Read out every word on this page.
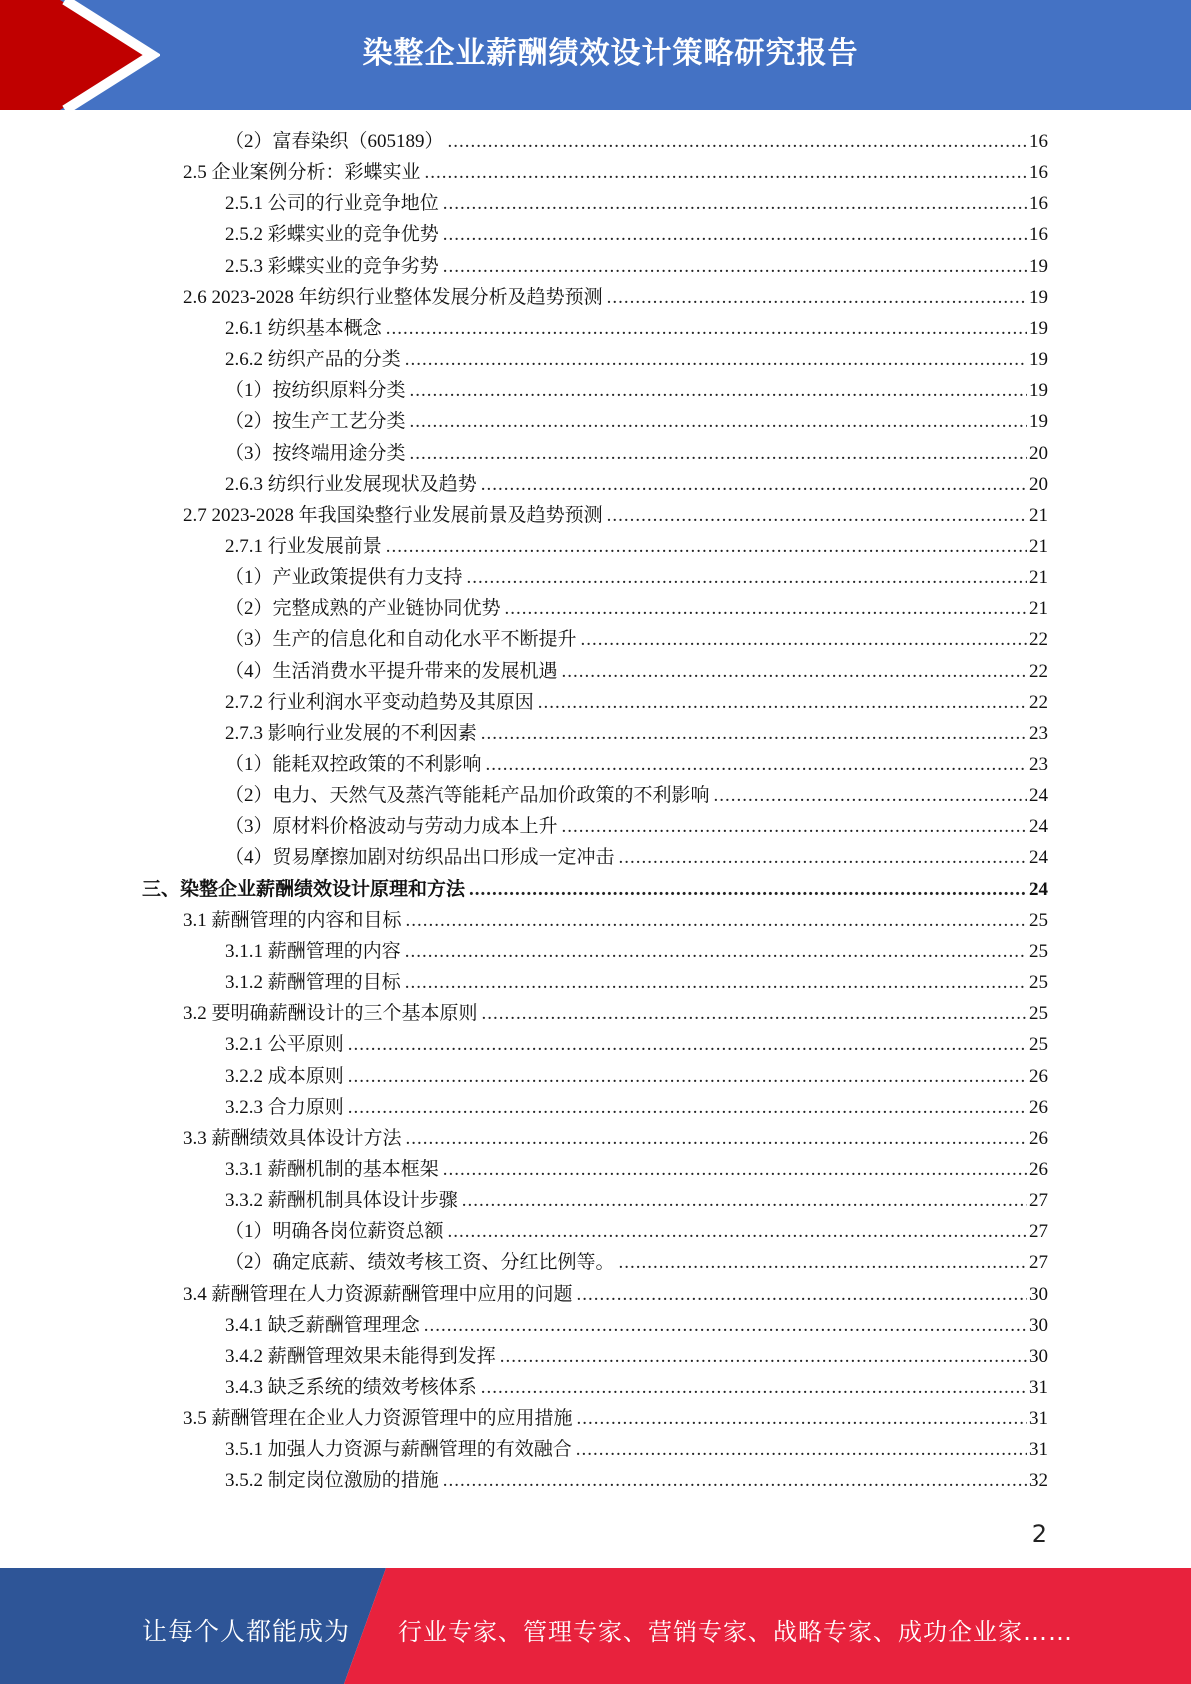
染整企业薪酬绩效设计策略研究报告
（2）富春染织（605189） .....	16
2.5 企业案例分析：彩蝶实业 .....	16
2.5.1 公司的行业竞争地位 .....	16
2.5.2 彩蝶实业的竞争优势 .....	16
2.5.3 彩蝶实业的竞争劣势 .....	19
2.6 2023-2028 年纺织行业整体发展分析及趋势预测 .....	19
2.6.1 纺织基本概念 .....	19
2.6.2 纺织产品的分类 .....	19
（1）按纺织原料分类 .....	19
（2）按生产工艺分类 .....	19
（3）按终端用途分类 .....	20
2.6.3 纺织行业发展现状及趋势 .....	20
2.7 2023-2028 年我国染整行业发展前景及趋势预测 .....	21
2.7.1 行业发展前景 .....	21
（1）产业政策提供有力支持 .....	21
（2）完整成熟的产业链协同优势 .....	21
（3）生产的信息化和自动化水平不断提升 .....	22
（4）生活消费水平提升带来的发展机遇 .....	22
2.7.2 行业利润水平变动趋势及其原因 .....	22
2.7.3 影响行业发展的不利因素 .....	23
（1）能耗双控政策的不利影响 .....	23
（2）电力、天然气及蒸汽等能耗产品加价政策的不利影响 .....	24
（3）原材料价格波动与劳动力成本上升 .....	24
（4）贸易摩擦加剧对纺织品出口形成一定冲击 .....	24
三、染整企业薪酬绩效设计原理和方法 .....	24
3.1 薪酬管理的内容和目标 .....	25
3.1.1 薪酬管理的内容 .....	25
3.1.2 薪酬管理的目标 .....	25
3.2 要明确薪酬设计的三个基本原则 .....	25
3.2.1 公平原则 .....	25
3.2.2 成本原则 .....	26
3.2.3 合力原则 .....	26
3.3 薪酬绩效具体设计方法 .....	26
3.3.1 薪酬机制的基本框架 .....	26
3.3.2 薪酬机制具体设计步骤 .....	27
（1）明确各岗位薪资总额 .....	27
（2）确定底薪、绩效考核工资、分红比例等。 .....	27
3.4 薪酬管理在人力资源薪酬管理中应用的问题 .....	30
3.4.1 缺乏薪酬管理理念 .....	30
3.4.2 薪酬管理效果未能得到发挥 .....	30
3.4.3 缺乏系统的绩效考核体系 .....	31
3.5 薪酬管理在企业人力资源管理中的应用措施 .....	31
3.5.1 加强人力资源与薪酬管理的有效融合 .....	31
3.5.2 制定岗位激励的措施 .....	32
2
让每个人都能成为 行业专家、管理专家、营销专家、战略专家、成功企业家……
